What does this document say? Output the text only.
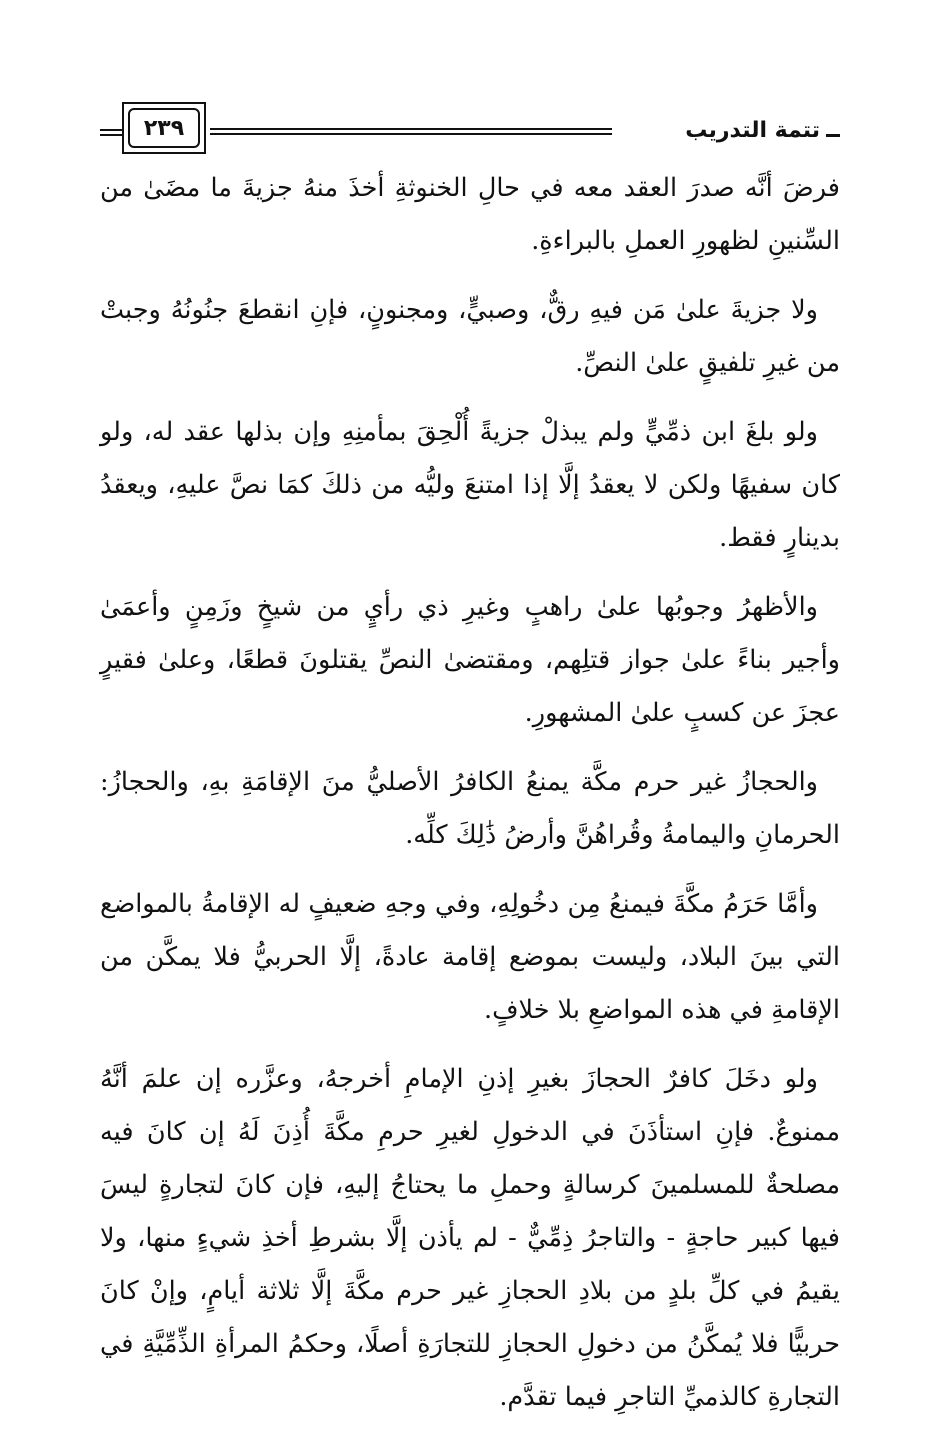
تتمة التدريب
٢٣٩

فرضَ أنَّه صدرَ العقد معه في حالِ الخنوثةِ أخذَ منهُ جزيةَ ما مضَىٰ من السِّنينِ لظهورِ العملِ بالبراءةِ.

ولا جزيةَ علىٰ مَن فيهِ رقٌّ، وصبيٍّ، ومجنونٍ، فإنِ انقطعَ جنُونُهُ وجبتْ من غيرِ تلفيقٍ علىٰ النصِّ.

ولو بلغَ ابن ذمِّيٍّ ولم يبذلْ جزيةً أُلْحِقَ بمأمنِهِ وإن بذلها عقد له، ولو كان سفيهًا ولكن لا يعقدُ إلَّا إذا امتنعَ وليُّه من ذلكَ كمَا نصَّ عليهِ، ويعقدُ بدينارٍ فقط.

والأظهرُ وجوبُها علىٰ راهبٍ وغيرِ ذي رأيٍ من شيخٍ وزَمِنٍ وأعمَىٰ وأجير بناءً علىٰ جواز قتلِهم، ومقتضىٰ النصِّ يقتلونَ قطعًا، وعلىٰ فقيرٍ عجزَ عن كسبٍ علىٰ المشهورِ.

والحجازُ غير حرم مكَّة يمنعُ الكافرُ الأصليُّ منَ الإقامَةِ بهِ، والحجازُ: الحرمانِ واليمامةُ وقُراهُنَّ وأرضُ ذَٰلِكَ كلِّه.

وأمَّا حَرَمُ مكَّةَ فيمنعُ مِن دخُولِهِ، وفي وجهِ ضعيفٍ له الإقامةُ بالمواضع التي بينَ البلاد، وليست بموضع إقامة عادةً، إلَّا الحربيُّ فلا يمكَّن من الإقامةِ في هذه المواضعِ بلا خلافٍ.

ولو دخَلَ كافرٌ الحجازَ بغيرِ إذنِ الإمامِ أخرجهُ، وعزَّره إن علمَ أنَّهُ ممنوعٌ. فإنِ استأذَنَ في الدخولِ لغيرِ حرمِ مكَّةَ أُذِنَ لَهُ إن كانَ فيه مصلحةٌ للمسلمينَ كرسالةٍ وحملِ ما يحتاجُ إليهِ، فإن كانَ لتجارةٍ ليسَ فيها كبير حاجةٍ - والتاجرُ ذِمِّيٌّ - لم يأذن إلَّا بشرطِ أخذِ شيءٍ منها، ولا يقيمُ في كلِّ بلدٍ من بلادِ الحجازِ غير حرم مكَّةَ إلَّا ثلاثة أيامٍ، وإنْ كانَ حربيًّا فلا يُمكَّنُ من دخولِ الحجازِ للتجارَةِ أصلًا، وحكمُ المرأةِ الذِّمِّيَّةِ في التجارةِ كالذميِّ التاجرِ فيما تقدَّم.
